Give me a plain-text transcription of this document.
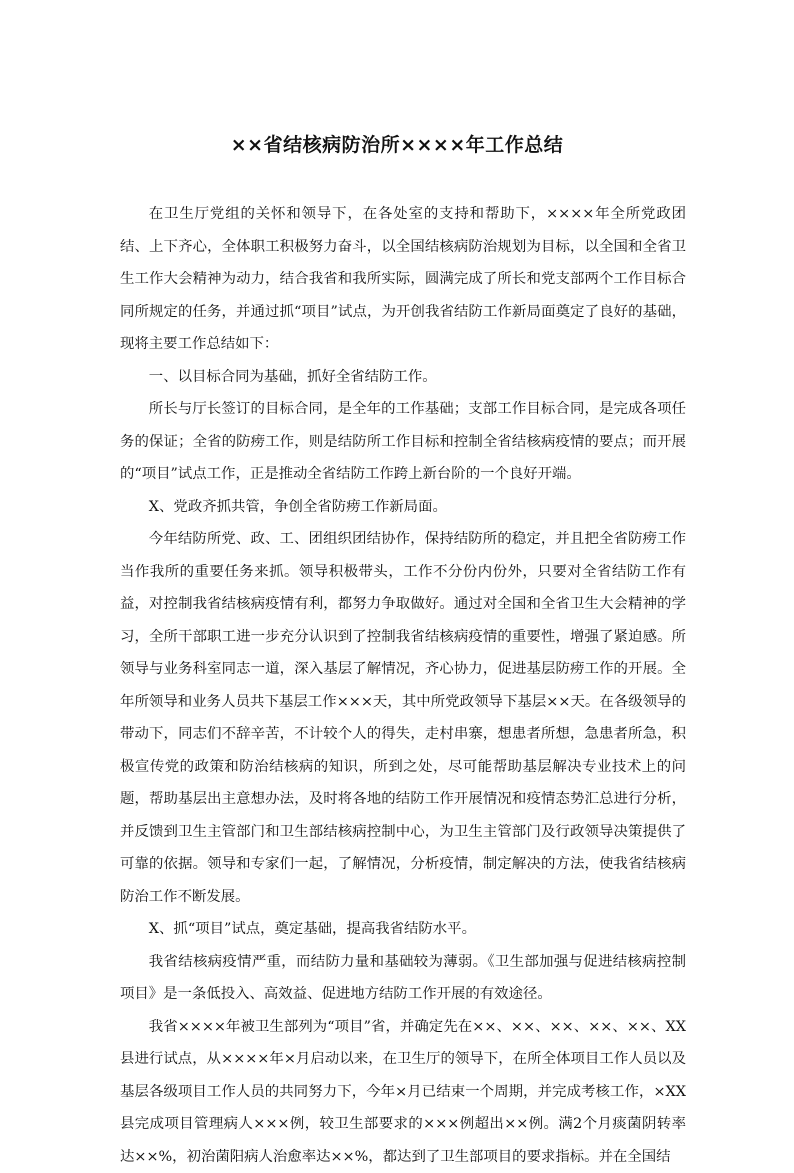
××省结核病防治所××××年工作总结

在卫生厅党组的关怀和领导下，在各处室的支持和帮助下，××××年全所党政团结、上下齐心，全体职工积极努力奋斗，以全国结核病防治规划为目标，以全国和全省卫生工作大会精神为动力，结合我省和我所实际，圆满完成了所长和党支部两个工作目标合同所规定的任务，并通过抓“项目”试点，为开创我省结防工作新局面奠定了良好的基础，现将主要工作总结如下：

一、以目标合同为基础，抓好全省结防工作。

所长与厅长签订的目标合同，是全年的工作基础；支部工作目标合同，是完成各项任务的保证；全省的防痨工作，则是结防所工作目标和控制全省结核病疫情的要点；而开展的“项目”试点工作，正是推动全省结防工作跨上新台阶的一个良好开端。

X、党政齐抓共管，争创全省防痨工作新局面。

今年结防所党、政、工、团组织团结协作，保持结防所的稳定，并且把全省防痨工作当作我所的重要任务来抓。领导积极带头，工作不分份内份外，只要对全省结防工作有益，对控制我省结核病疫情有利，都努力争取做好。通过对全国和全省卫生大会精神的学习，全所干部职工进一步充分认识到了控制我省结核病疫情的重要性，增强了紧迫感。所领导与业务科室同志一道，深入基层了解情况，齐心协力，促进基层防痨工作的开展。全年所领导和业务人员共下基层工作×××天，其中所党政领导下基层××天。在各级领导的带动下，同志们不辞辛苦，不计较个人的得失，走村串寨，想患者所想，急患者所急，积极宣传党的政策和防治结核病的知识，所到之处，尽可能帮助基层解决专业技术上的问题，帮助基层出主意想办法，及时将各地的结防工作开展情况和疫情态势汇总进行分析，并反馈到卫生主管部门和卫生部结核病控制中心，为卫生主管部门及行政领导决策提供了可靠的依据。领导和专家们一起，了解情况，分析疫情，制定解决的方法，使我省结核病防治工作不断发展。

X、抓“项目”试点，奠定基础，提高我省结防水平。

我省结核病疫情严重，而结防力量和基础较为薄弱。《卫生部加强与促进结核病控制项目》是一条低投入、高效益、促进地方结防工作开展的有效途径。

我省××××年被卫生部列为“项目”省，并确定先在××、××、××、××、××、XX县进行试点，从××××年×月启动以来，在卫生厅的领导下，在所全体项目工作人员以及基层各级项目工作人员的共同努力下，今年×月已结束一个周期，并完成考核工作，×XX县完成项目管理病人×××例，较卫生部要求的×××例超出××例。满2个月痰菌阴转率达××%，初治菌阳病人治愈率达××%，都达到了卫生部项目的要求指标。并在全国结
